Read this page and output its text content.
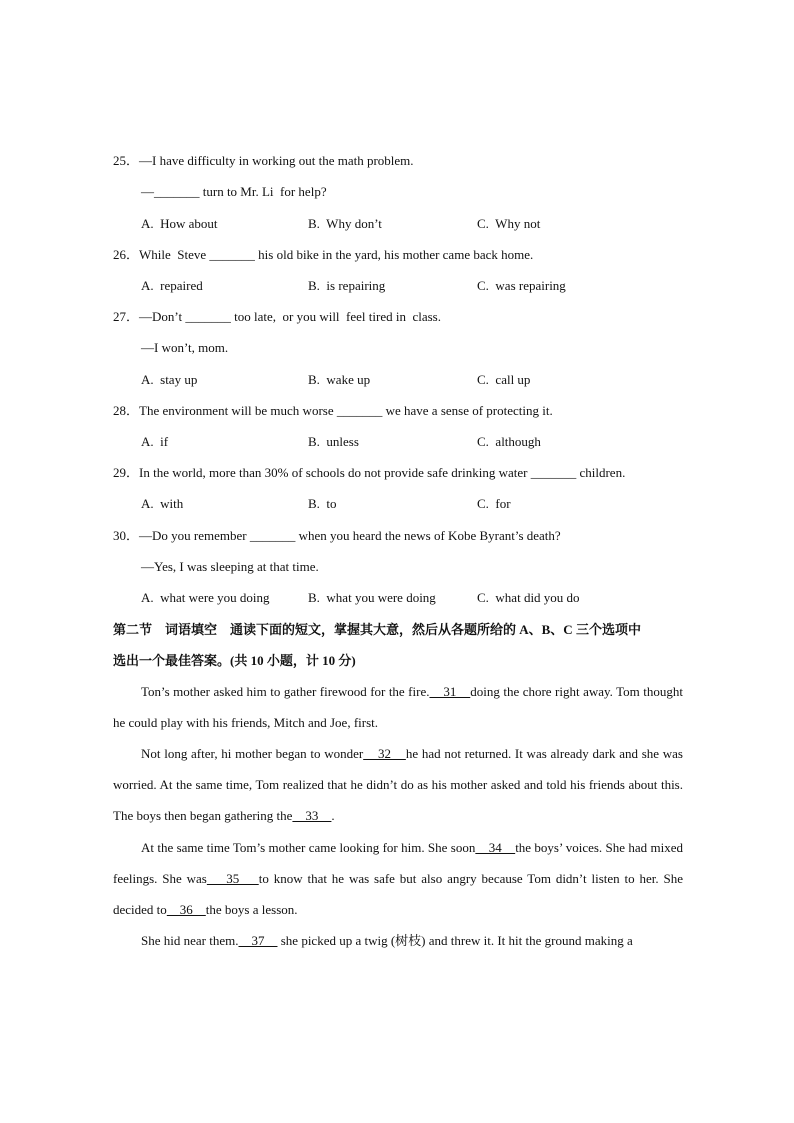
25．—I have difficulty in working out the math problem.
—_______ turn to Mr. Li  for help?
A.  How about	B.  Why don’t	C.  Why not
26．While  Steve _______ his old bike in the yard, his mother came back home.
A.  repaired	B.  is repairing	C.  was repairing
27．—Don’t _______ too late,  or you will  feel tired in  class.
—I won’t, mom.
A.  stay up	B.  wake up	C.  call up
28．The environment will be much worse _______ we have a sense of protecting it.
A.  if	B.  unless	C.  although
29．In the world, more than 30% of schools do not provide safe drinking water _______ children.
A.  with	B.  to	C.  for
30．—Do you remember _______ when you heard the news of Kobe Byrant’s death?
—Yes, I was sleeping at that time.
A.  what were you doing	B.  what you were doing	C.  what did you do
第二节    词语填空    通读下面的短文，掌握其大意，然后从各题所给的 A、B、C 三个选项中
选出一个最佳答案。(共 10 小题，计 10 分)
Ton’s mother asked him to gather firewood for the fire.    31    doing the chore right away. Tom thought he could play with his friends, Mitch and Joe, first.
Not long after, hi mother began to wonder    32    he had not returned. It was already dark and she was worried. At the same time, Tom realized that he didn’t do as his mother asked and told his friends about this. The boys then began gathering the    33    .
At the same time Tom’s mother came looking for him. She soon    34    the boys’ voices. She had mixed feelings. She was    35    to know that he was safe but also angry because Tom didn’t listen to her. She decided to    36    the boys a lesson.
She hid near them.    37     she picked up a twig (树枝) and threw it. It hit the ground making a
